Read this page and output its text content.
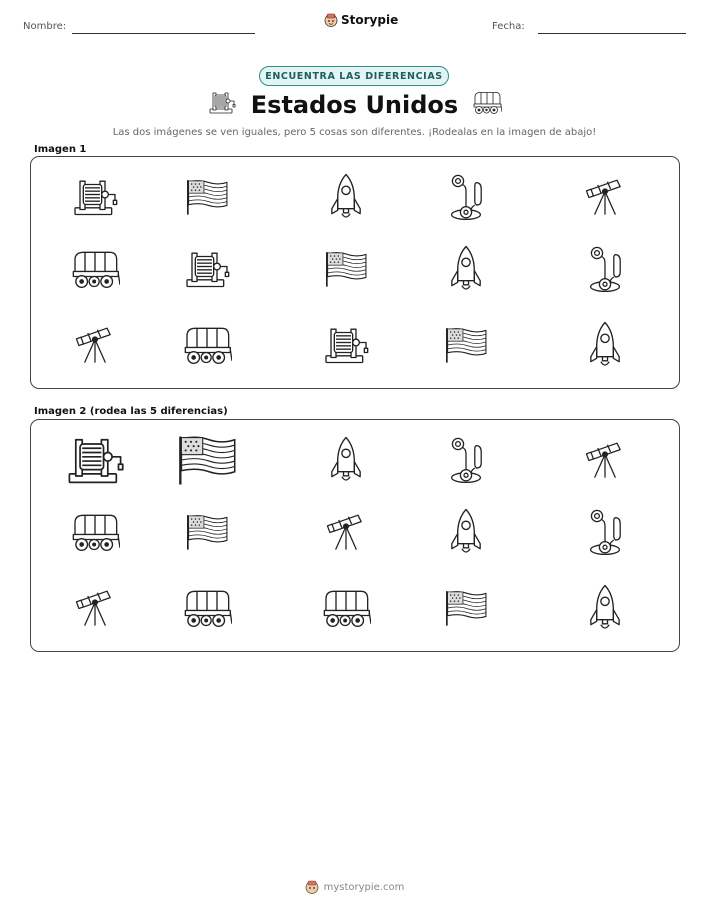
Nombre:	Fecha:
Storypie
ENCUENTRA LAS DIFERENCIAS
Estados Unidos
Las dos imágenes se ven iguales, pero 5 cosas son diferentes. ¡Rodealas en la imagen de abajo!
Imagen 1
Imagen 2 (rodea las 5 diferencias)
mystorypie.com
